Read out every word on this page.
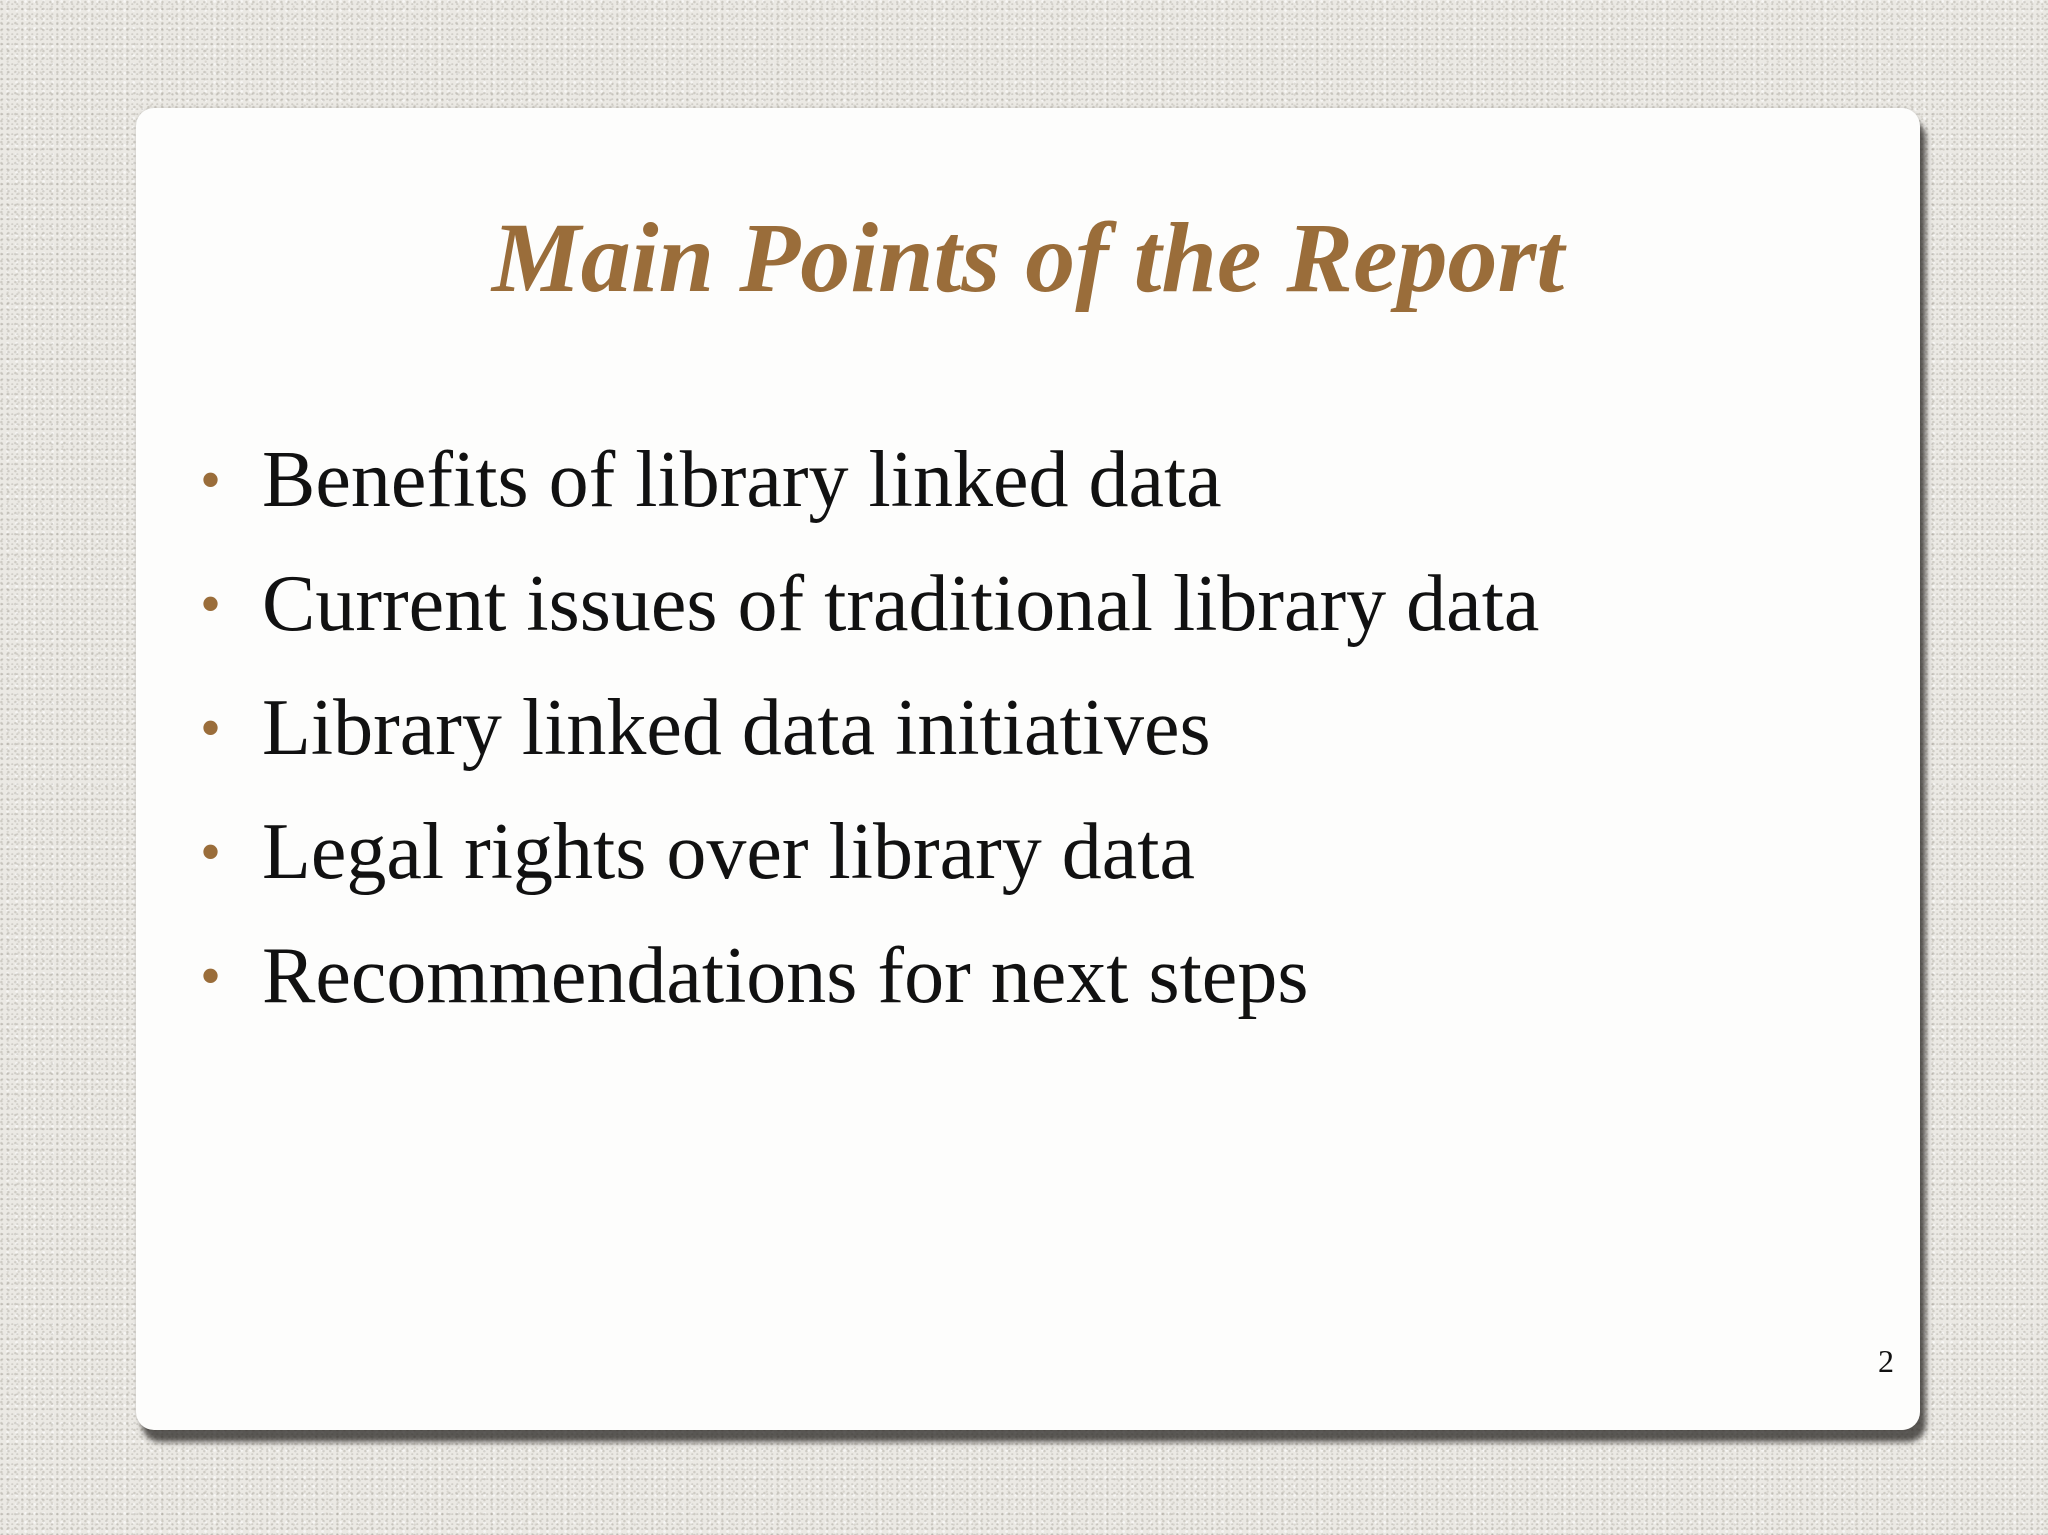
Main Points of the Report
• Benefits of library linked data
• Current issues of traditional library data
• Library linked data initiatives
• Legal rights over library data
• Recommendations for next steps
2
